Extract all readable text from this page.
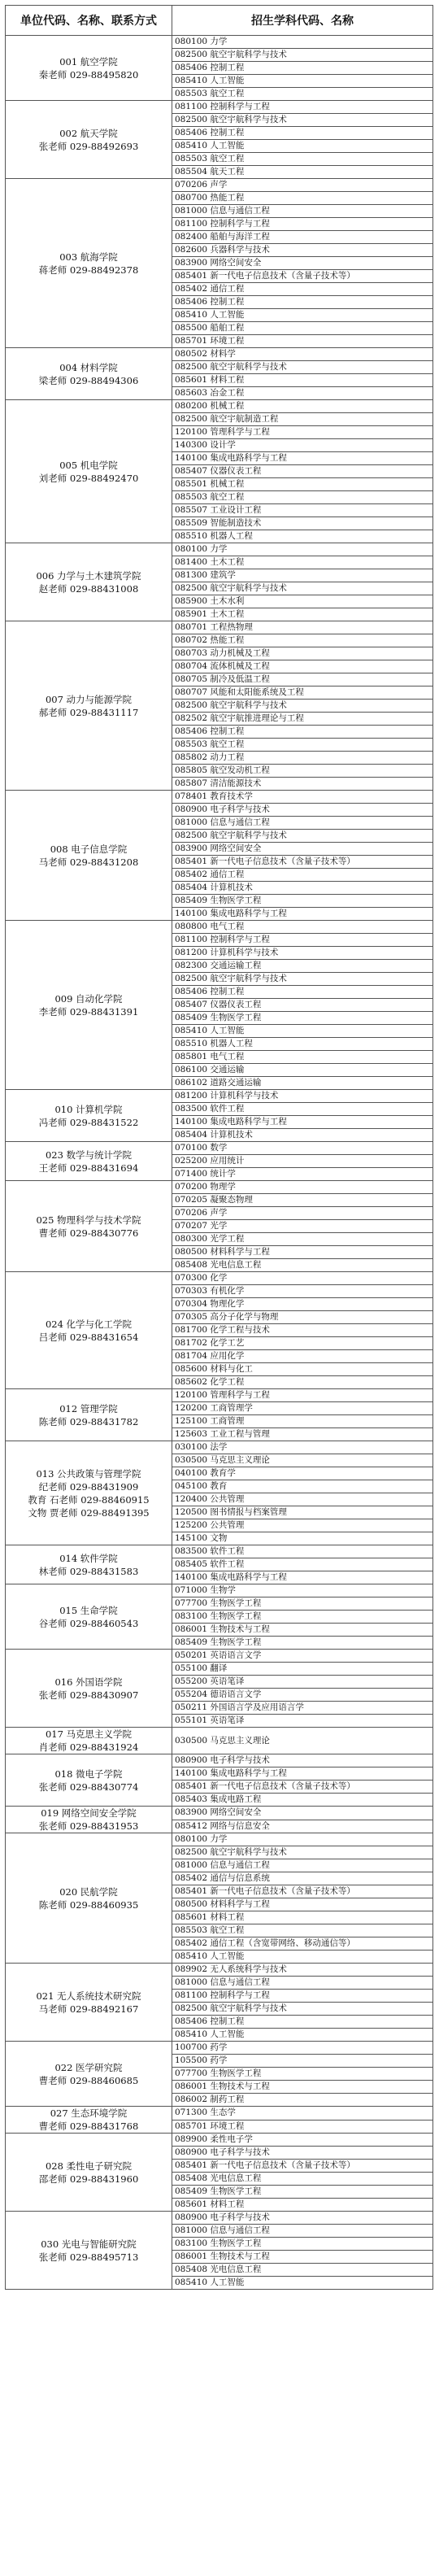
单位代码、名称、联系方式	招生学科代码、名称

001 航空学院
秦老师 029-88495820	080100 力学
	082500 航空宇航科学与技术
	085406 控制工程
	085410 人工智能
	085503 航空工程

002 航天学院
张老师 029-88492693	081100 控制科学与工程
	082500 航空宇航科学与技术
	085406 控制工程
	085410 人工智能
	085503 航空工程
	085504 航天工程

003 航海学院
蒋老师 029-88492378	070206 声学
	080700 热能工程
	081000 信息与通信工程
	081100 控制科学与工程
	082400 船舶与海洋工程
	082600 兵器科学与技术
	083900 网络空间安全
	085401 新一代电子信息技术（含量子技术等）
	085402 通信工程
	085406 控制工程
	085410 人工智能
	085500 船舶工程
	085701 环境工程

004 材料学院
梁老师 029-88494306	080502 材料学
	082500 航空宇航科学与技术
	085601 材料工程
	085603 冶金工程

005 机电学院
刘老师 029-88492470	080200 机械工程
	082500 航空宇航制造工程
	120100 管理科学与工程
	140300 设计学
	140100 集成电路科学与工程
	085407 仪器仪表工程
	085501 机械工程
	085503 航空工程
	085507 工业设计工程
	085509 智能制造技术
	085510 机器人工程

006 力学与土木建筑学院
赵老师 029-88431008	080100 力学
	081400 土木工程
	081300 建筑学
	082500 航空宇航科学与技术
	085900 土木水利
	085901 土木工程

007 动力与能源学院
郝老师 029-88431117	080701 工程热物理
	080702 热能工程
	080703 动力机械及工程
	080704 流体机械及工程
	080705 制冷及低温工程
	080707 风能和太阳能系统及工程
	082500 航空宇航科学与技术
	082502 航空宇航推进理论与工程
	085406 控制工程
	085503 航空工程
	085802 动力工程
	085805 航空发动机工程
	085807 清洁能源技术

008 电子信息学院
马老师 029-88431208	078401 教育技术学
	080900 电子科学与技术
	081000 信息与通信工程
	082500 航空宇航科学与技术
	083900 网络空间安全
	085401 新一代电子信息技术（含量子技术等）
	085402 通信工程
	085404 计算机技术
	085409 生物医学工程
	140100 集成电路科学与工程

009 自动化学院
李老师 029-88431391	080800 电气工程
	081100 控制科学与工程
	081200 计算机科学与技术
	082300 交通运输工程
	082500 航空宇航科学与技术
	085406 控制工程
	085407 仪器仪表工程
	085409 生物医学工程
	085410 人工智能
	085510 机器人工程
	085801 电气工程
	086100 交通运输
	086102 道路交通运输

010 计算机学院
冯老师 029-88431522	081200 计算机科学与技术
	083500 软件工程
	140100 集成电路科学与工程
	085404 计算机技术

023 数学与统计学院
王老师 029-88431694	070100 数学
	025200 应用统计
	071400 统计学

025 物理科学与技术学院
曹老师 029-88430776	070200 物理学
	070205 凝聚态物理
	070206 声学
	070207 光学
	080300 光学工程
	080500 材料科学与工程
	085408 光电信息工程

024 化学与化工学院
吕老师 029-88431654	070300 化学
	070303 有机化学
	070304 物理化学
	070305 高分子化学与物理
	081700 化学工程与技术
	081702 化学工艺
	081704 应用化学
	085600 材料与化工
	085602 化学工程

012 管理学院
陈老师 029-88431782	120100 管理科学与工程
	120200 工商管理学
	125100 工商管理
	125603 工业工程与管理

013 公共政策与管理学院
纪老师 029-88431909
教育 石老师 029-88460915
文物 贾老师 029-88491395	030100 法学
	030500 马克思主义理论
	040100 教育学
	045100 教育
	120400 公共管理
	120500 图书情报与档案管理
	125200 公共管理
	145100 文物

014 软件学院
林老师 029-88431583	083500 软件工程
	085405 软件工程
	140100 集成电路科学与工程

015 生命学院
谷老师 029-88460543	071000 生物学
	077700 生物医学工程
	083100 生物医学工程
	086001 生物技术与工程
	085409 生物医学工程

016 外国语学院
张老师 029-88430907	050201 英语语言文学
	055100 翻译
	055200 英语笔译
	055204 德语语言文学
	050211 外国语言学及应用语言学
	055101 英语笔译

017 马克思主义学院
肖老师 029-88431924	030500 马克思主义理论

018 微电子学院
张老师 029-88430774	080900 电子科学与技术
	140100 集成电路科学与工程
	085401 新一代电子信息技术（含量子技术等）
	085403 集成电路工程

019 网络空间安全学院
张老师 029-88431953	083900 网络空间安全
	085412 网络与信息安全

020 民航学院
陈老师 029-88460935	080100 力学
	082500 航空宇航科学与技术
	081000 信息与通信工程
	085402 通信与信息系统
	085401 新一代电子信息技术（含量子技术等）
	080500 材料科学与工程
	085601 材料工程
	085503 航空工程
	085402 通信工程（含宽带网络、移动通信等）
	085410 人工智能

021 无人系统技术研究院
马老师 029-88492167	089902 无人系统科学与技术
	081000 信息与通信工程
	081100 控制科学与工程
	082500 航空宇航科学与技术
	085406 控制工程
	085410 人工智能

022 医学研究院
曹老师 029-88460685	100700 药学
	105500 药学
	077700 生物医学工程
	086001 生物技术与工程
	086002 制药工程

027 生态环境学院
曹老师 029-88431768	071300 生态学
	085701 环境工程

028 柔性电子研究院
邵老师 029-88431960	089900 柔性电子学
	080900 电子科学与技术
	085401 新一代电子信息技术（含量子技术等）
	085408 光电信息工程
	085409 生物医学工程
	085601 材料工程

030 光电与智能研究院
张老师 029-88495713	080900 电子科学与技术
	081000 信息与通信工程
	083100 生物医学工程
	086001 生物技术与工程
	085408 光电信息工程
	085410 人工智能
